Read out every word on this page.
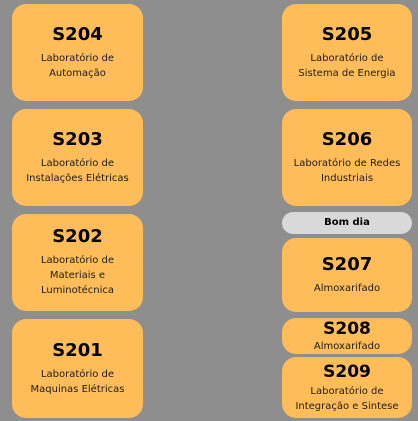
S204
Laboratório de Automação
S203
Laboratório de Instalações Elétricas
S202
Laboratório de Materiais e Luminotécnica
S201
Laboratório de Maquinas Elétricas
S205
Laboratório de Sistema de Energia
S206
Laboratório de Redes Industriais
Bom dia
S207
Almoxarifado
S208
Almoxarifado
S209
Laboratório de Integração e Sintese
